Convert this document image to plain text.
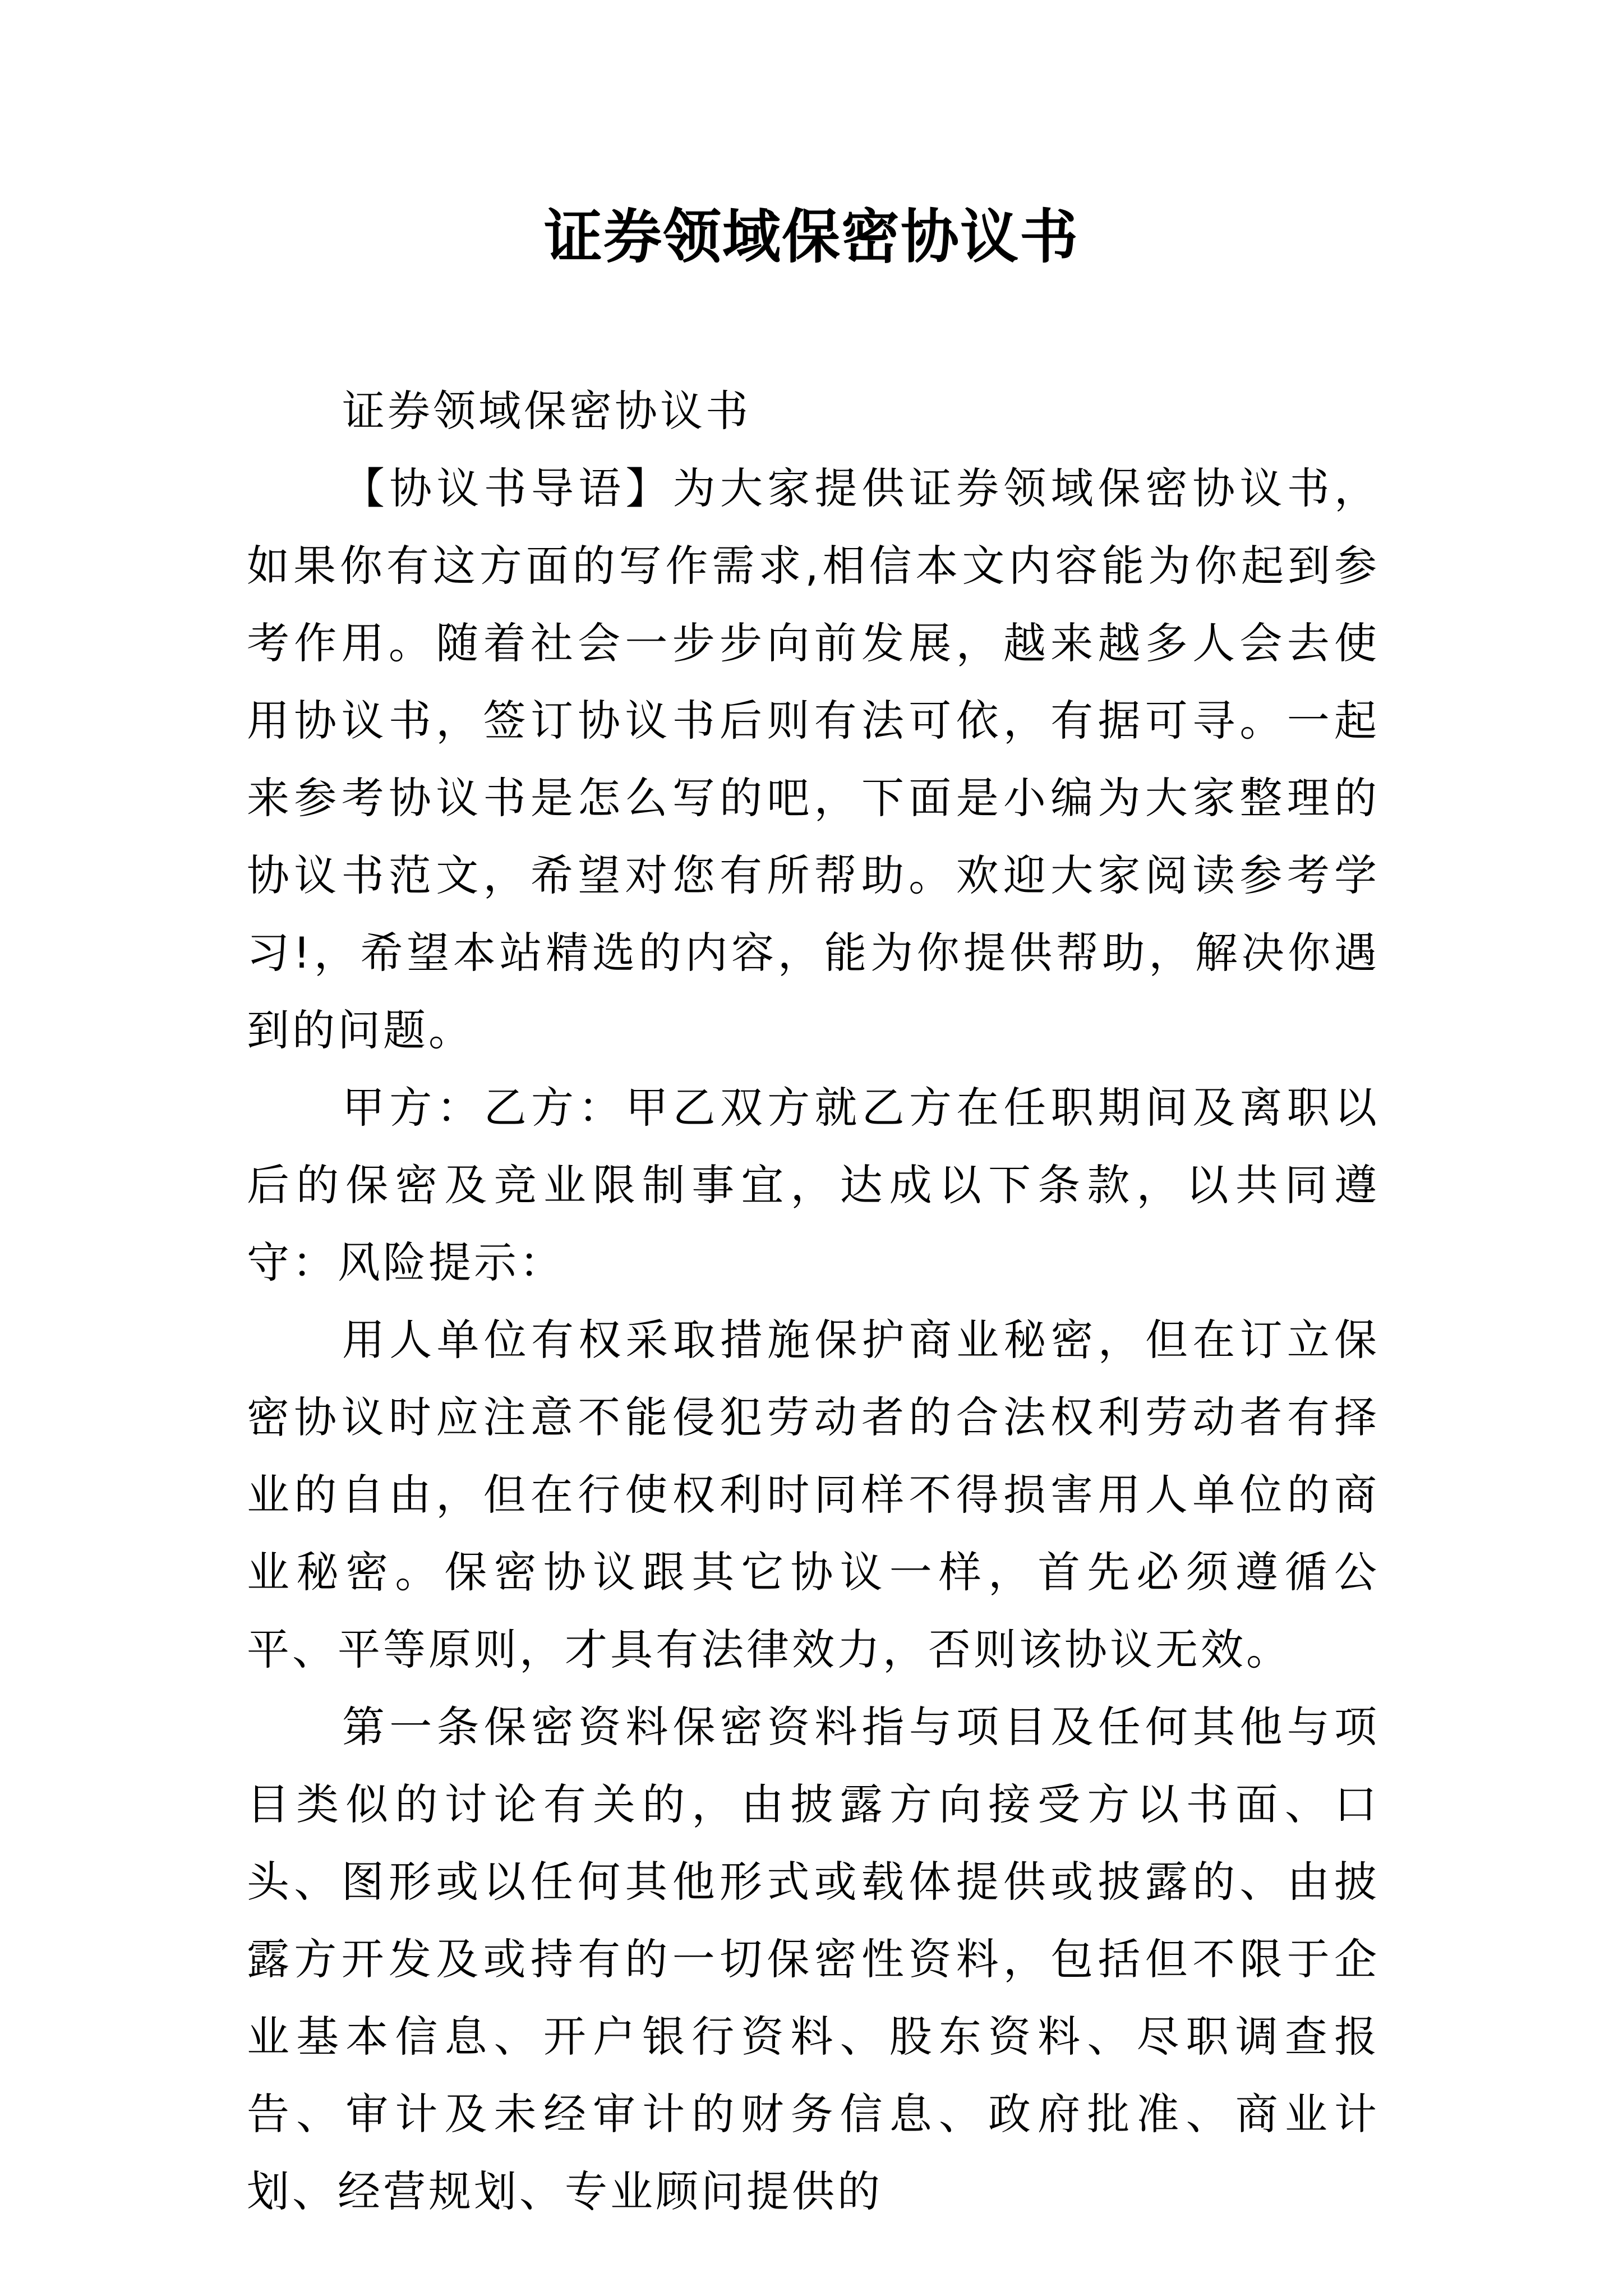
证券领域保密协议书

证券领域保密协议书

【协议书导语】为大家提供证券领域保密协议书，如果你有这方面的写作需求,相信本文内容能为你起到参考作用。随着社会一步步向前发展，越来越多人会去使用协议书，签订协议书后则有法可依，有据可寻。一起来参考协议书是怎么写的吧，下面是小编为大家整理的协议书范文，希望对您有所帮助。欢迎大家阅读参考学习!，希望本站精选的内容，能为你提供帮助，解决你遇到的问题。

甲方：乙方：甲乙双方就乙方在任职期间及离职以后的保密及竞业限制事宜，达成以下条款，以共同遵守：风险提示：

用人单位有权采取措施保护商业秘密，但在订立保密协议时应注意不能侵犯劳动者的合法权利劳动者有择业的自由，但在行使权利时同样不得损害用人单位的商业秘密。保密协议跟其它协议一样，首先必须遵循公平、平等原则，才具有法律效力，否则该协议无效。

第一条保密资料保密资料指与项目及任何其他与项目类似的讨论有关的，由披露方向接受方以书面、口头、图形或以任何其他形式或载体提供或披露的、由披露方开发及或持有的一切保密性资料，包括但不限于企业基本信息、开户银行资料、股东资料、尽职调查报告、审计及未经审计的财务信息、政府批准、商业计划、经营规划、专业顾问提供的
